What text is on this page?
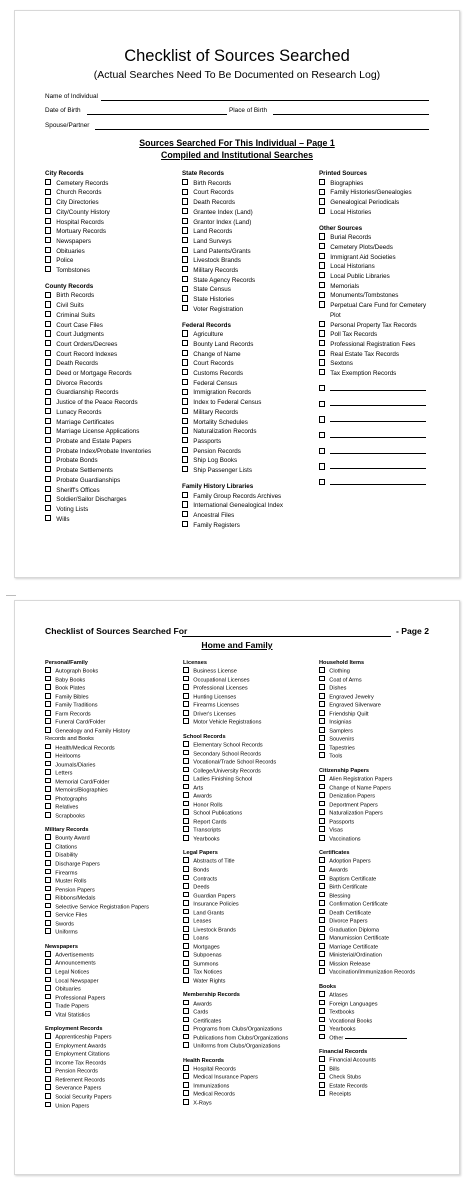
Checklist of Sources Searched
(Actual Searches Need To Be Documented on Research Log)
Name of Individual
Date of Birth	Place of Birth
Spouse/Partner
Sources Searched For This Individual – Page 1
Compiled and Institutional Searches
City Records
Cemetery Records
Church Records
City Directories
City/County History
Hospital Records
Mortuary Records
Newspapers
Obituaries
Police
Tombstones
County Records
Birth Records
Civil Suits
Criminal Suits
Court Case Files
Court Judgments
Court Orders/Decrees
Court Record Indexes
Death Records
Deed or Mortgage Records
Divorce Records
Guardianship Records
Justice of the Peace Records
Lunacy Records
Marriage Certificates
Marriage License Applications
Probate and Estate Papers
Probate Index/Probate Inventories
Probate Bonds
Probate Settlements
Probate Guardianships
Sheriff's Offices
Soldier/Sailor Discharges
Voting Lists
Wills
State Records
Birth Records
Court Records
Death Records
Grantee Index (Land)
Grantor Index (Land)
Land Records
Land Surveys
Land Patents/Grants
Livestock Brands
Military Records
State Agency Records
State Census
State Histories
Voter Registration
Federal Records
Agriculture
Bounty Land Records
Change of Name
Court Records
Customs Records
Federal Census
Immigration Records
Index to Federal Census
Military Records
Mortality Schedules
Naturalization Records
Passports
Pension Records
Ship Log Books
Ship Passenger Lists
Family History Libraries
Family Group Records Archives
International Genealogical Index
Ancestral Files
Family Registers
Printed Sources
Biographies
Family Histories/Genealogies
Genealogical Periodicals
Local Histories
Other Sources
Burial Records
Cemetery Plots/Deeds
Immigrant Aid Societies
Local Historians
Local Public Libraries
Memorials
Monuments/Tombstones
Perpetual Care Fund for Cemetery
Plot
Personal Property Tax Records
Poll Tax Records
Professional Registration Fees
Real Estate Tax Records
Sextons
Tax Exemption Records
Checklist of Sources Searched For	- Page 2
Home and Family
Personal/Family
Autograph Books
Baby Books
Book Plates
Family Bibles
Family Traditions
Farm Records
Funeral Card/Folder
Genealogy and Family History
Records and Books
Health/Medical Records
Heirlooms
Journals/Diaries
Letters
Memorial Card/Folder
Memoirs/Biographies
Photographs
Relatives
Scrapbooks
Military Records
Bounty Award
Citations
Disability
Discharge Papers
Firearms
Muster Rolls
Pension Papers
Ribbons/Medals
Selective Service Registration Papers
Service Files
Swords
Uniforms
Newspapers
Advertisements
Announcements
Legal Notices
Local Newspaper
Obituaries
Professional Papers
Trade Papers
Vital Statistics
Employment Records
Apprenticeship Papers
Employment Awards
Employment Citations
Income Tax Records
Pension Records
Retirement Records
Severance Papers
Social Security Papers
Union Papers
Licenses
Business License
Occupational Licenses
Professional Licenses
Hunting Licenses
Firearms Licenses
Driver's Licenses
Motor Vehicle Registrations
School Records
Elementary School Records
Secondary School Records
Vocational/Trade School Records
College/University Records
Ladies Finishing School
Arts
Awards
Honor Rolls
School Publications
Report Cards
Transcripts
Yearbooks
Legal Papers
Abstracts of Title
Bonds
Contracts
Deeds
Guardian Papers
Insurance Policies
Land Grants
Leases
Livestock Brands
Loans
Mortgages
Subpoenas
Summons
Tax Notices
Water Rights
Membership Records
Awards
Cards
Certificates
Programs from Clubs/Organizations
Publications from Clubs/Organizations
Uniforms from Clubs/Organizations
Health Records
Hospital Records
Medical Insurance Papers
Immunizations
Medical Records
X-Rays
Household Items
Clothing
Coat of Arms
Dishes
Engraved Jewelry
Engraved Silverware
Friendship Quilt
Insignias
Samplers
Souvenirs
Tapestries
Tools
Citizenship Papers
Alien Registration Papers
Change of Name Papers
Denization Papers
Deportment Papers
Naturalization Papers
Passports
Visas
Vaccinations
Certificates
Adoption Papers
Awards
Baptism Certificate
Birth Certificate
Blessing
Confirmation Certificate
Death Certificate
Divorce Papers
Graduation Diploma
Manumission Certificate
Marriage Certificate
Ministerial/Ordination
Mission Release
Vaccination/Immunization Records
Books
Atlases
Foreign Languages
Textbooks
Vocational Books
Yearbooks
Other
Financial Records
Financial Accounts
Bills
Check Stubs
Estate Records
Receipts
